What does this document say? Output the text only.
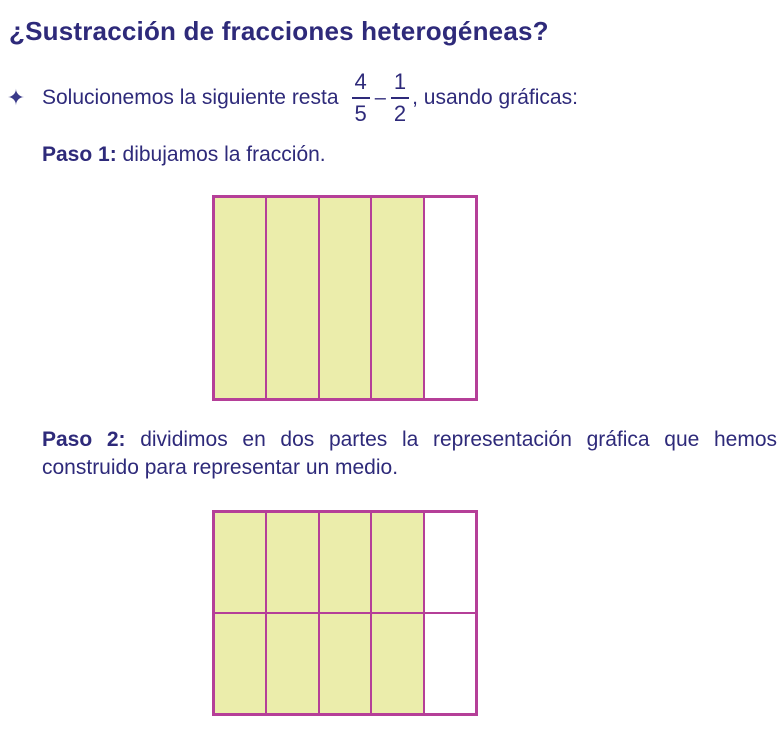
¿Sustracción de fracciones heterogéneas?
✦ Solucionemos la siguiente resta $\frac{4}{5} - \frac{1}{2}$ , usando gráficas:

Paso 1: dibujamos la fracción.

Paso 2: dividimos en dos partes la representación gráfica que hemos construido para representar un medio.
